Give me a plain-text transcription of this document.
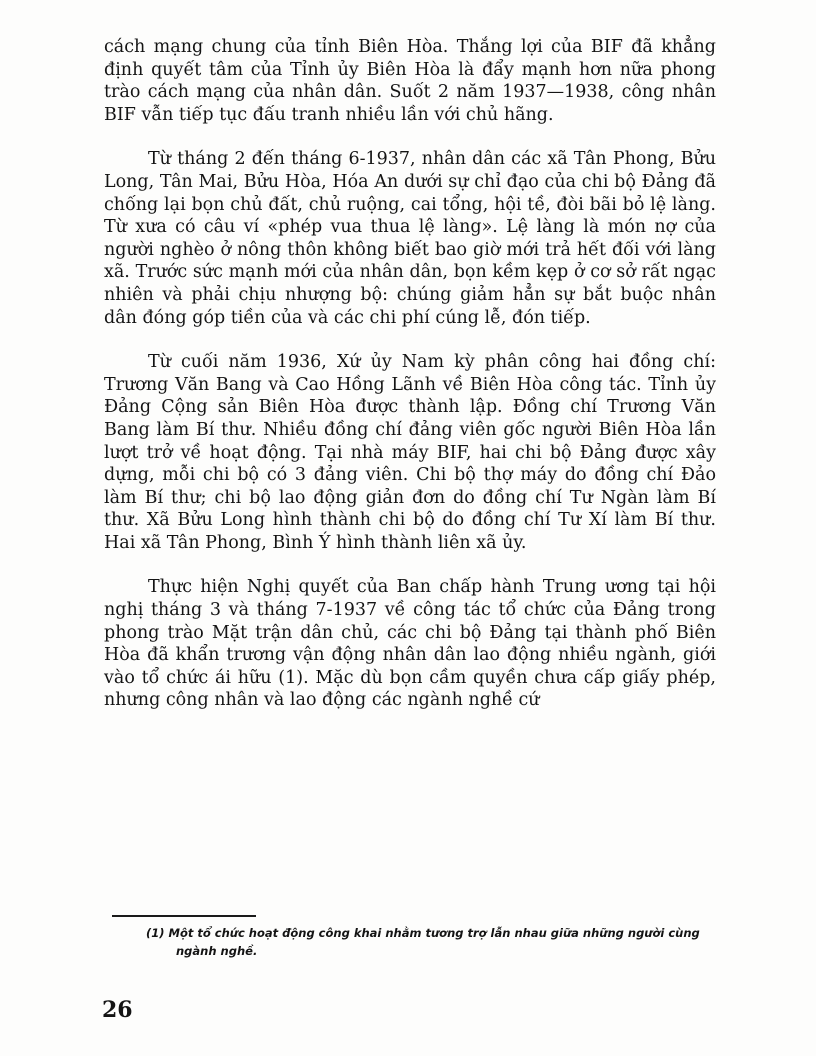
cách mạng chung của tỉnh Biên Hòa. Thắng lợi của BIF đã khẳng định quyết tâm của Tỉnh ủy Biên Hòa là đẩy mạnh hơn nữa phong trào cách mạng của nhân dân. Suốt 2 năm 1937—1938, công nhân BIF vẫn tiếp tục đấu tranh nhiều lần với chủ hãng.

Từ tháng 2 đến tháng 6-1937, nhân dân các xã Tân Phong, Bửu Long, Tân Mai, Bửu Hòa, Hóa An dưới sự chỉ đạo của chi bộ Đảng đã chống lại bọn chủ đất, chủ ruộng, cai tổng, hội tề, đòi bãi bỏ lệ làng. Từ xưa có câu ví «phép vua thua lệ làng». Lệ làng là món nợ của người nghèo ở nông thôn không biết bao giờ mới trả hết đối với làng xã. Trước sức mạnh mới của nhân dân, bọn kềm kẹp ở cơ sở rất ngạc nhiên và phải chịu nhượng bộ: chúng giảm hẳn sự bắt buộc nhân dân đóng góp tiền của và các chi phí cúng lễ, đón tiếp.

Từ cuối năm 1936, Xứ ủy Nam kỳ phân công hai đồng chí: Trương Văn Bang và Cao Hồng Lãnh về Biên Hòa công tác. Tỉnh ủy Đảng Cộng sản Biên Hòa được thành lập. Đồng chí Trương Văn Bang làm Bí thư. Nhiều đồng chí đảng viên gốc người Biên Hòa lần lượt trở về hoạt động. Tại nhà máy BIF, hai chi bộ Đảng được xây dựng, mỗi chi bộ có 3 đảng viên. Chi bộ thợ máy do đồng chí Đảo làm Bí thư; chi bộ lao động giản đơn do đồng chí Tư Ngàn làm Bí thư. Xã Bửu Long hình thành chi bộ do đồng chí Tư Xí làm Bí thư. Hai xã Tân Phong, Bình Ý hình thành liên xã ủy.

Thực hiện Nghị quyết của Ban chấp hành Trung ương tại hội nghị tháng 3 và tháng 7-1937 về công tác tổ chức của Đảng trong phong trào Mặt trận dân chủ, các chi bộ Đảng tại thành phố Biên Hòa đã khẩn trương vận động nhân dân lao động nhiều ngành, giới vào tổ chức ái hữu (1). Mặc dù bọn cầm quyền chưa cấp giấy phép, nhưng công nhân và lao động các ngành nghề cứ

(1) Một tổ chức hoạt động công khai nhằm tương trợ lẫn nhau giữa những người cùng ngành nghề.
26
